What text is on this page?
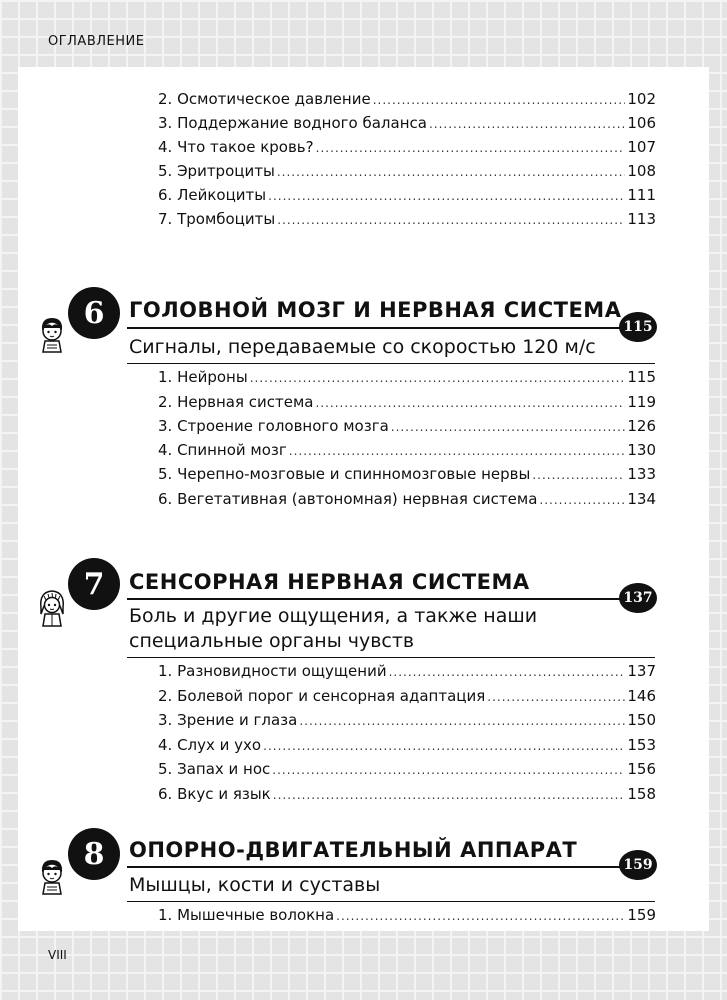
ОГЛАВЛЕНИЕ
2. Осмотическое давление .....	102
3. Поддержание водного баланса .....	106
4. Что такое кровь? .....	107
5. Эритроциты .....	108
6. Лейкоциты .....	111
7. Тромбоциты .....	113
6	ГОЛОВНОЙ МОЗГ И НЕРВНАЯ СИСТЕМА
115
Сигналы, передаваемые со скоростью 120 м/с
1. Нейроны .....	115
2. Нервная система .....	119
3. Строение головного мозга .....	126
4. Спинной мозг .....	130
5. Черепно-мозговые и спинномозговые нервы .....	133
6. Вегетативная (автономная) нервная система .....	134
7	СЕНСОРНАЯ НЕРВНАЯ СИСТЕМА
137
Боль и другие ощущения, а также наши
специальные органы чувств
1. Разновидности ощущений .....	137
2. Болевой порог и сенсорная адаптация .....	146
3. Зрение и глаза .....	150
4. Слух и ухо .....	153
5. Запах и нос .....	156
6. Вкус и язык .....	158
8	ОПОРНО-ДВИГАТЕЛЬНЫЙ АППАРАТ
159
Мышцы, кости и суставы
1. Мышечные волокна .....	159
VIII
